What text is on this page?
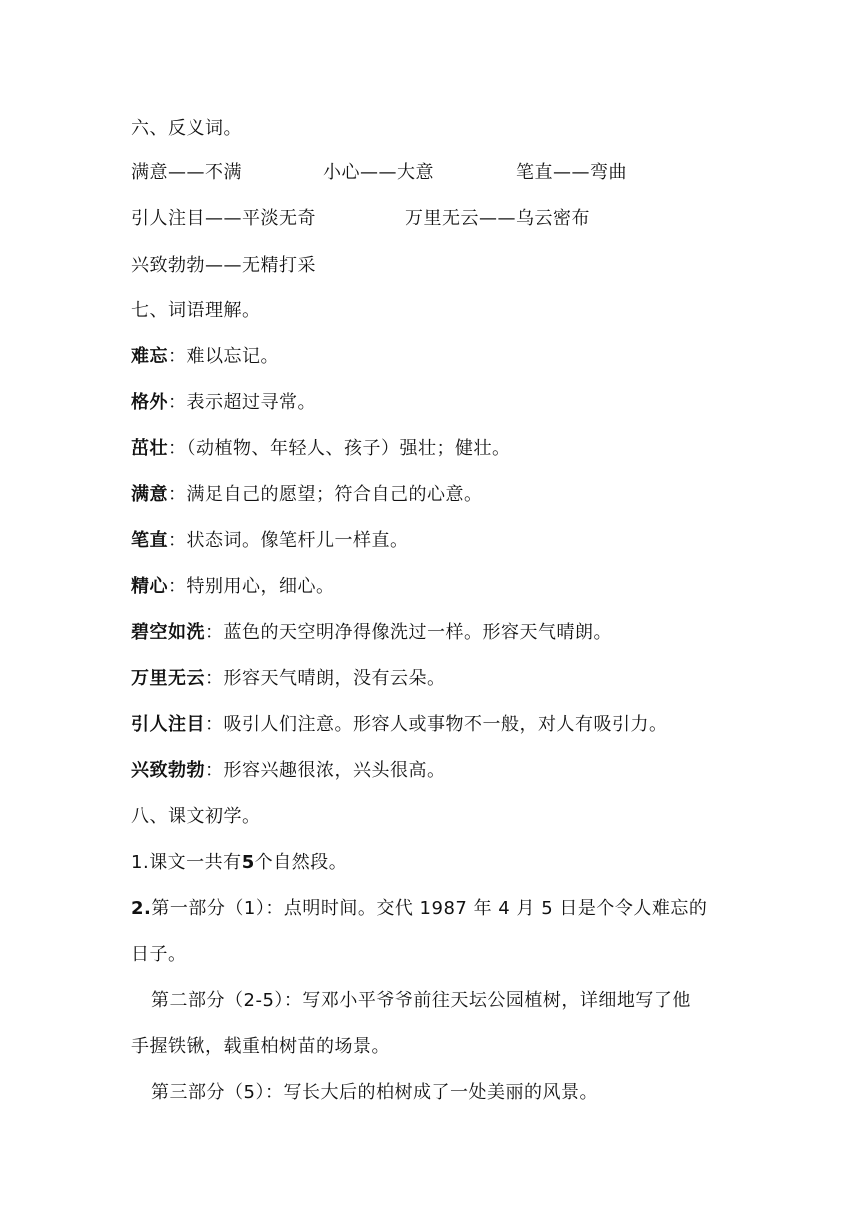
六、反义词。
满意——不满	小心——大意	笔直——弯曲
引人注目——平淡无奇	万里无云——乌云密布
兴致勃勃——无精打采
七、词语理解。
难忘：难以忘记。
格外：表示超过寻常。
茁壮：（动植物、年轻人、孩子）强壮；健壮。
满意：满足自己的愿望；符合自己的心意。
笔直：状态词。像笔杆儿一样直。
精心：特别用心，细心。
碧空如洗：蓝色的天空明净得像洗过一样。形容天气晴朗。
万里无云：形容天气晴朗，没有云朵。
引人注目：吸引人们注意。形容人或事物不一般，对人有吸引力。
兴致勃勃：形容兴趣很浓，兴头很高。
八、课文初学。
1.课文一共有5个自然段。
2.第一部分（1）：点明时间。交代 1987 年 4 月 5 日是个令人难忘的
日子。
第二部分（2-5）：写邓小平爷爷前往天坛公园植树，详细地写了他
手握铁锹，载重柏树苗的场景。
第三部分（5）：写长大后的柏树成了一处美丽的风景。
